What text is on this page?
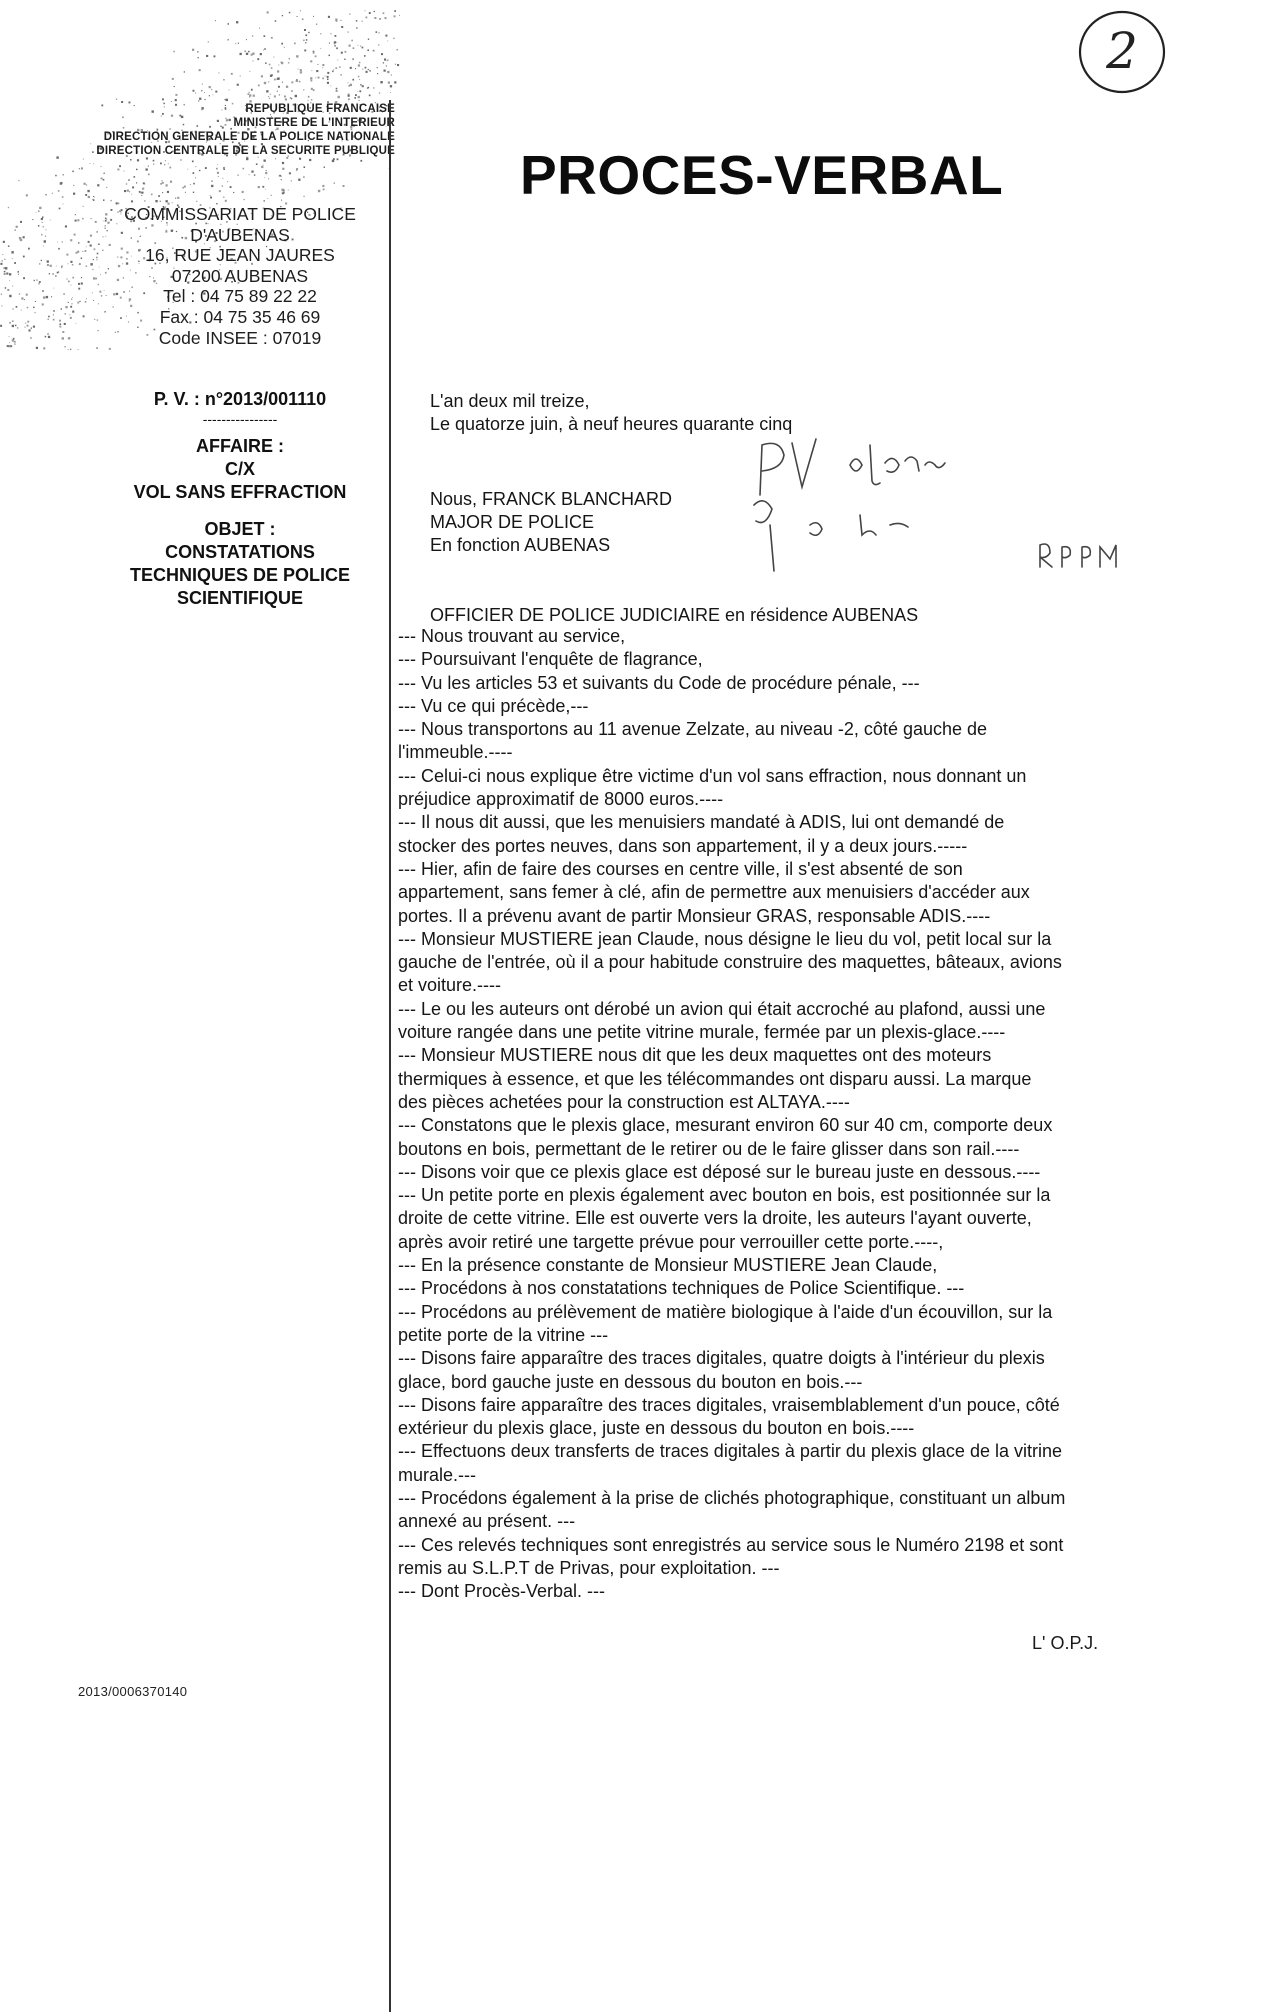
2
REPUBLIQUE FRANCAISE
MINISTERE DE L'INTERIEUR
DIRECTION GENERALE DE LA POLICE NATIONALE
DIRECTION CENTRALE DE LA SECURITE PUBLIQUE
COMMISSARIAT DE POLICE
D'AUBENAS
16, RUE JEAN JAURES
07200 AUBENAS
Tel : 04 75 89 22 22
Fax : 04 75 35 46 69
Code INSEE : 07019
P. V. : n°2013/001110
----------------
AFFAIRE :
C/X
VOL SANS EFFRACTION
OBJET :
CONSTATATIONS
TECHNIQUES DE POLICE
SCIENTIFIQUE
PROCES-VERBAL
L'an deux mil treize,
Le quatorze juin, à neuf heures quarante cinq
Nous, FRANCK BLANCHARD
MAJOR DE POLICE
En fonction AUBENAS
OFFICIER DE POLICE JUDICIAIRE en résidence AUBENAS
--- Nous trouvant au service,
--- Poursuivant l'enquête de flagrance,
--- Vu les articles 53 et suivants du Code de procédure pénale, ---
--- Vu ce qui précède,---
--- Nous transportons au 11 avenue Zelzate, au niveau -2, côté gauche de
l'immeuble.----
--- Celui-ci nous explique être victime d'un vol sans effraction, nous donnant un
préjudice approximatif de 8000 euros.----
--- Il nous dit aussi, que les menuisiers mandaté à ADIS, lui ont demandé de
stocker des portes neuves, dans son appartement, il y a deux jours.-----
--- Hier, afin de faire des courses en centre ville, il s'est absenté de son
appartement, sans femer à clé, afin de permettre aux menuisiers d'accéder aux
portes. Il a prévenu avant de partir Monsieur GRAS, responsable ADIS.----
--- Monsieur MUSTIERE jean Claude, nous désigne le lieu du vol, petit local sur la
gauche de l'entrée, où il a pour habitude construire des maquettes, bâteaux, avions
et voiture.----
--- Le ou les auteurs ont dérobé un avion qui était accroché au plafond, aussi une
voiture rangée dans une petite vitrine murale, fermée par un plexis-glace.----
--- Monsieur MUSTIERE nous dit que les deux maquettes ont des moteurs
thermiques à essence, et que les télécommandes ont disparu aussi. La marque
des pièces achetées pour la construction est ALTAYA.----
--- Constatons que le plexis glace, mesurant environ 60 sur 40 cm, comporte deux
boutons en bois, permettant de le retirer ou de le faire glisser dans son rail.----
--- Disons voir que ce plexis glace est déposé sur le bureau juste en dessous.----
--- Un petite porte en plexis également avec bouton en bois, est positionnée sur la
droite de cette vitrine. Elle est ouverte vers la droite, les auteurs l'ayant ouverte,
après avoir retiré une targette prévue pour verrouiller cette porte.----,
--- En la présence constante de Monsieur MUSTIERE Jean Claude,
--- Procédons à nos constatations techniques de Police Scientifique. ---
--- Procédons au prélèvement de matière biologique à l'aide d'un écouvillon, sur la
petite porte de la vitrine ---
--- Disons faire apparaître des traces digitales, quatre doigts à l'intérieur du plexis
glace, bord gauche juste en dessous du bouton en bois.---
--- Disons faire apparaître des traces digitales, vraisemblablement d'un pouce, côté
extérieur du plexis glace, juste en dessous du bouton en bois.----
--- Effectuons deux transferts de traces digitales à partir du plexis glace de la vitrine
murale.---
--- Procédons également à la prise de clichés photographique, constituant un album
annexé au présent. ---
--- Ces relevés techniques sont enregistrés au service sous le Numéro 2198 et sont
remis au S.L.P.T de Privas, pour exploitation. ---
--- Dont Procès-Verbal. ---
L' O.P.J.
2013/0006370140
